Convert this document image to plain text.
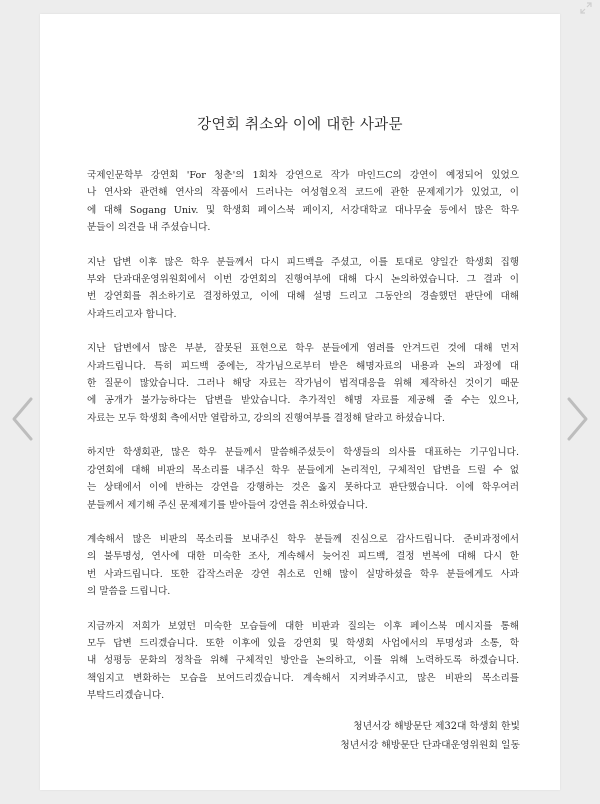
강연회 취소와 이에 대한 사과문
국제인문학부 강연회 'For 청춘'의 1회차 강연으로 작가 마인드C의 강연이 예정되어 있었으
나 연사와 관련해 연사의 작품에서 드러나는 여성혐오적 코드에 관한 문제제기가 있었고, 이
에 대해 Sogang Univ. 및 학생회 페이스북 페이지, 서강대학교 대나무숲 등에서 많은 학우
분들이 의견을 내 주셨습니다.
지난 답변 이후 많은 학우 분들께서 다시 피드백을 주셨고, 이를 토대로 양일간 학생회 집행
부와 단과대운영위원회에서 이번 강연회의 진행여부에 대해 다시 논의하였습니다. 그 결과 이
번 강연회를 취소하기로 결정하였고, 이에 대해 설명 드리고 그동안의 경솔했던 판단에 대해
사과드리고자 합니다.
지난 답변에서 많은 부분, 잘못된 표현으로 학우 분들에게 염려를 안겨드린 것에 대해 먼저
사과드립니다. 특히 피드백 중에는, 작가님으로부터 받은 해명자료의 내용과 논의 과정에 대
한 질문이 많았습니다. 그러나 해당 자료는 작가님이 법적대응을 위해 제작하신 것이기 때문
에 공개가 불가능하다는 답변을 받았습니다. 추가적인 해명 자료를 제공해 줄 수는 있으나,
자료는 모두 학생회 측에서만 열람하고, 강의의 진행여부를 결정해 달라고 하셨습니다.
하지만 학생회관, 많은 학우 분들께서 말씀해주셨듯이 학생들의 의사를 대표하는 기구입니다.
강연회에 대해 비판의 목소리를 내주신 학우 분들에게 논리적인, 구체적인 답변을 드릴 수 없
는 상태에서 이에 반하는 강연을 강행하는 것은 옳지 못하다고 판단했습니다. 이에 학우여러
분들께서 제기해 주신 문제제기를 받아들여 강연을 취소하였습니다.
계속해서 많은 비판의 목소리를 보내주신 학우 분들께 진심으로 감사드립니다. 준비과정에서
의 불투명성, 연사에 대한 미숙한 조사, 계속해서 늦어진 피드백, 결정 번복에 대해 다시 한
번 사과드립니다. 또한 갑작스러운 강연 취소로 인해 많이 실망하셨을 학우 분들에게도 사과
의 말씀을 드립니다.
지금까지 저희가 보였던 미숙한 모습들에 대한 비판과 질의는 이후 페이스북 메시지를 통해
모두 답변 드리겠습니다. 또한 이후에 있을 강연회 및 학생회 사업에서의 투명성과 소통, 학
내 성평등 문화의 정착을 위해 구체적인 방안을 논의하고, 이를 위해 노력하도록 하겠습니다.
책임지고 변화하는 모습을 보여드리겠습니다. 계속해서 지켜봐주시고, 많은 비판의 목소리를
부탁드리겠습니다.
청년서강 해방문단 제32대 학생회 한빛
청년서강 해방문단 단과대운영위원회 일동
